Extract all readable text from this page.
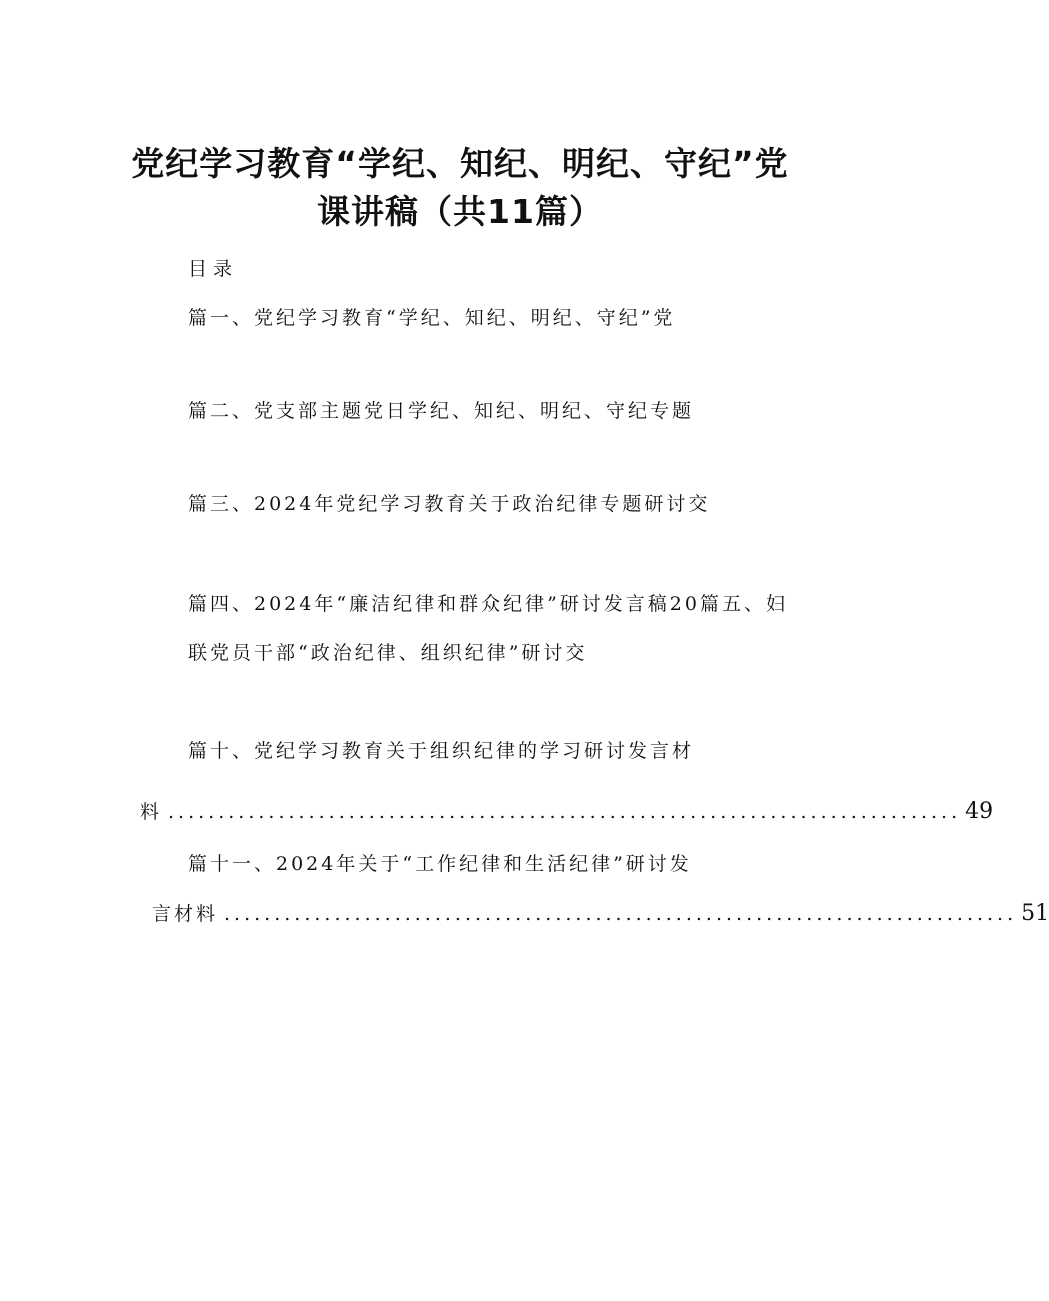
党纪学习教育“学纪、知纪、明纪、守纪”党
课讲稿（共11篇）
目录
篇一、党纪学习教育“学纪、知纪、明纪、守纪”党
篇二、党支部主题党日学纪、知纪、明纪、守纪专题
篇三、2024年党纪学习教育关于政治纪律专题研讨交
篇四、2024年“廉洁纪律和群众纪律”研讨发言稿20篇五、妇
联党员干部“政治纪律、组织纪律”研讨交
篇十、党纪学习教育关于组织纪律的学习研讨发言材
料 ............................................................................... 49
篇十一、2024年关于“工作纪律和生活纪律”研讨发
言材料 ............................................................................... 51
